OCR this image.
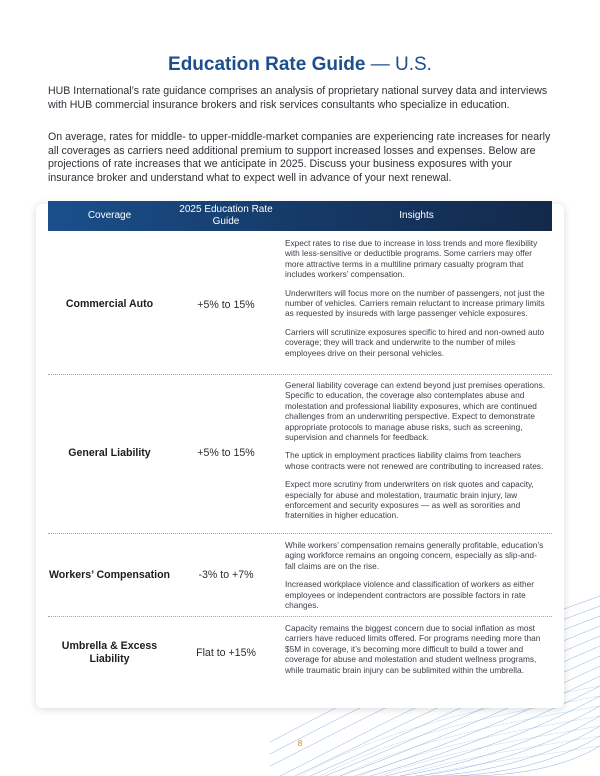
Education Rate Guide — U.S.

HUB International’s rate guidance comprises an analysis of proprietary national survey data and interviews with HUB commercial insurance brokers and risk services consultants who specialize in education.

On average, rates for middle- to upper-middle-market companies are experiencing rate increases for nearly all coverages as carriers need additional premium to support increased losses and expenses. Below are projections of rate increases that we anticipate in 2025. Discuss your business exposures with your insurance broker and understand what to expect well in advance of your next renewal.

Coverage
2025 Education Rate Guide
Insights
Commercial Auto	+5% to 15%

Expect rates to rise due to increase in loss trends and more flexibility with less-sensitive or deductible programs. Some carriers may offer more attractive terms in a multiline primary casualty program that includes workers’ compensation.

Underwriters will focus more on the number of passengers, not just the number of vehicles. Carriers remain reluctant to increase primary limits as requested by insureds with large passenger vehicle exposures.

Carriers will scrutinize exposures specific to hired and non-owned auto coverage; they will track and underwrite to the number of miles employees drive on their personal vehicles.

General Liability	+5% to 15%

General liability coverage can extend beyond just premises operations. Specific to education, the coverage also contemplates abuse and molestation and professional liability exposures, which are continued challenges from an underwriting perspective. Expect to demonstrate appropriate protocols to manage abuse risks, such as screening, supervision and channels for feedback.

The uptick in employment practices liability claims from teachers whose contracts were not renewed are contributing to increased rates.

Expect more scrutiny from underwriters on risk quotes and capacity, especially for abuse and molestation, traumatic brain injury, law enforcement and security exposures — as well as sororities and fraternities in higher education.

Workers’ Compensation	-3% to +7%

While workers’ compensation remains generally profitable, education’s aging workforce remains an ongoing concern, especially as slip-and-fall claims are on the rise.

Increased workplace violence and classification of workers as either employees or independent contractors are possible factors in rate changes.

Umbrella & Excess Liability	Flat to +15%

Capacity remains the biggest concern due to social inflation as most carriers have reduced limits offered. For programs needing more than $5M in coverage, it’s becoming more difficult to build a tower and coverage for abuse and molestation and student wellness programs, while traumatic brain injury can be sublimited within the umbrella.

8
